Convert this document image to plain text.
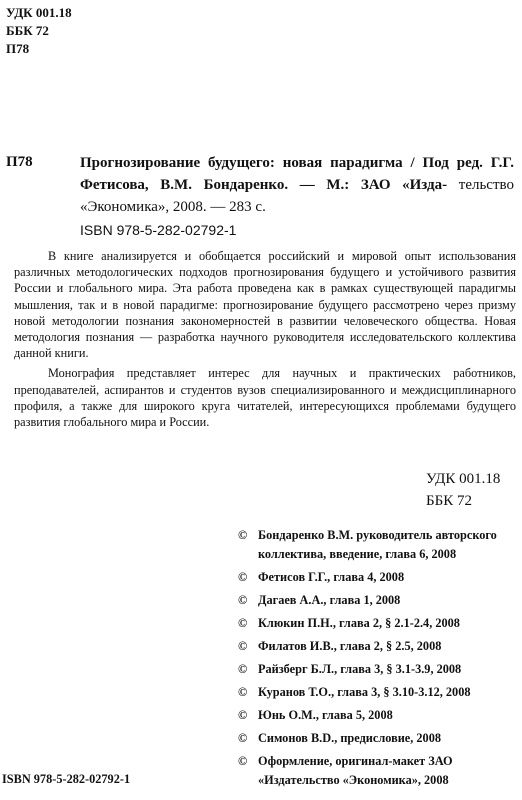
УДК 001.18
ББК 72
П78
П78	Прогнозирование будущего: новая парадигма / Под ред. Г.Г. Фетисова, В.М. Бондаренко. — М.: ЗАО «Изда- тельство «Экономика», 2008. — 283 с.
ISBN 978-5-282-02792-1

В книге анализируется и обобщается российский и мировой опыт использования различных методологических подходов прогнозирования будущего и устойчивого развития России и глобального мира. Эта работа проведена как в рамках существующей парадигмы мышления, так и в новой парадигме: прогнозирование будущего рассмотрено через призму новой методологии познания закономерностей в развитии человеческого общества. Новая методология познания — разработка научного руководителя исследовательского коллектива данной книги.

Монография представляет интерес для научных и практических работников, преподавателей, аспирантов и студентов вузов специализированного и междисциплинарного профиля, а также для широкого круга читателей, интересующихся проблемами будущего развития глобального мира и России.

УДК 001.18
ББК 72
© Бондаренко В.М. руководитель авторского коллектива, введение, глава 6, 2008
© Фетисов Г.Г., глава 4, 2008
© Дагаев А.А., глава 1, 2008
© Клюкин П.Н., глава 2, § 2.1-2.4, 2008
© Филатов И.В., глава 2, § 2.5, 2008
© Райзберг Б.Л., глава 3, § 3.1-3.9, 2008
© Куранов Т.О., глава 3, § 3.10-3.12, 2008
© Юнь О.М., глава 5, 2008
© Симонов В.D., предисловие, 2008
© Оформление, оригинал-макет ЗАО «Издательство «Экономика», 2008
ISBN 978-5-282-02792-1
